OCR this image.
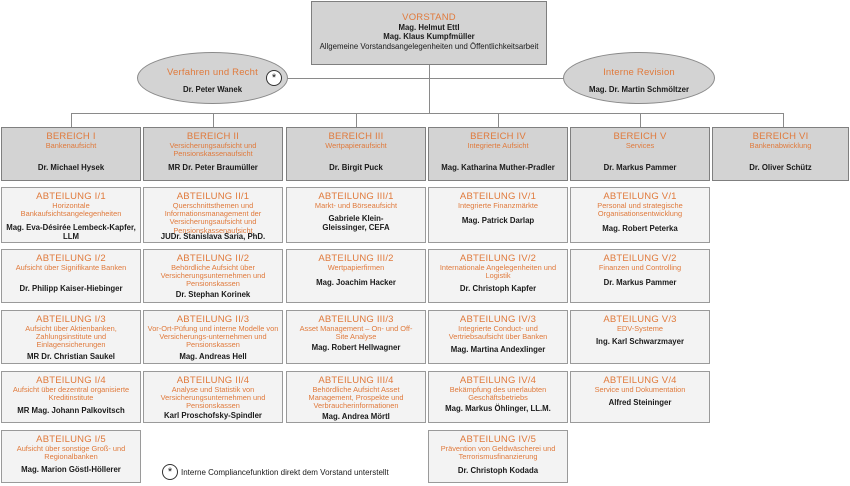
VORSTAND
Mag. Helmut Ettl
Mag. Klaus Kumpfmüller
Allgemeine Vorstandsangelegenheiten und Öffentlichkeitsarbeit
Verfahren und Recht
Dr. Peter Wanek
*	Interne Revision
Mag. Dr. Martin Schmöltzer
BEREICH I
Bankenaufsicht
Dr. Michael Hysek
BEREICH II
Versicherungsaufsicht und Pensionskassenaufsicht
MR Dr. Peter Braumüller
BEREICH III
Wertpapieraufsicht
Dr. Birgit Puck
BEREICH IV
Integrierte Aufsicht
Mag. Katharina Muther-Pradler
BEREICH V
Services
Dr. Markus Pammer
BEREICH VI
Bankenabwicklung
Dr. Oliver Schütz
ABTEILUNG I/1
Horizontale Bankaufsichtsangelegenheiten
Mag. Eva-Désirée Lembeck-Kapfer, LLM
ABTEILUNG I/2
Aufsicht über Signifikante Banken
Dr. Philipp Kaiser-Hiebinger
ABTEILUNG I/3
Aufsicht über Aktienbanken, Zahlungsinstitute und Einlagensicherungen
MR Dr. Christian Saukel
ABTEILUNG I/4
Aufsicht über dezentral organisierte Kreditinstitute
MR Mag. Johann Palkovitsch
ABTEILUNG I/5
Aufsicht über sonstige Groß- und Regionalbanken
Mag. Marion Göstl-Höllerer
ABTEILUNG II/1
Querschnittsthemen und Informationsmanagement der Versicherungsaufsicht und Pensionskassenaufsicht
JUDr. Stanislava Saria, PhD.
ABTEILUNG II/2
Behördliche Aufsicht über Versicherungsunternehmen und Pensionskassen
Dr. Stephan Korinek
ABTEILUNG II/3
Vor-Ort-Püfung und interne Modelle von Versicherungs-unternehmen und Pensionskassen
Mag. Andreas Hell
ABTEILUNG II/4
Analyse und Statistik von Versicherungsunternehmen und Pensionskassen
Karl Proschofsky-Spindler
ABTEILUNG III/1
Markt- und Börseaufsicht
Gabriele Klein-Gleissinger, CEFA
ABTEILUNG III/2
Wertpapierfirmen
Mag. Joachim Hacker
ABTEILUNG III/3
Asset Management – On- und Off-Site Analyse
Mag. Robert Hellwagner
ABTEILUNG III/4
Behördliche Aufsicht Asset Management, Prospekte und Verbraucherinformationen
Mag. Andrea Mörtl
ABTEILUNG IV/1
Integrierte Finanzmärkte
Mag. Patrick Darlap
ABTEILUNG IV/2
Internationale Angelegenheiten und Logistik
Dr. Christoph Kapfer
ABTEILUNG IV/3
Integrierte Conduct- und Vertriebsaufsicht über Banken
Mag. Martina Andexlinger
ABTEILUNG IV/4
Bekämpfung des unerlaubten Geschäftsbetriebs
Mag. Markus Öhlinger, LL.M.
ABTEILUNG IV/5
Prävention von Geldwäscherei und Terrorismusfinanzierung
Dr. Christoph Kodada
ABTEILUNG V/1
Personal und strategische Organisationsentwicklung
Mag. Robert Peterka
ABTEILUNG V/2
Finanzen und Controlling
Dr. Markus Pammer
ABTEILUNG V/3
EDV-Systeme
Ing. Karl Schwarzmayer
ABTEILUNG V/4
Service und Dokumentation
Alfred Steininger
*	Interne Compliancefunktion direkt dem Vorstand unterstellt
